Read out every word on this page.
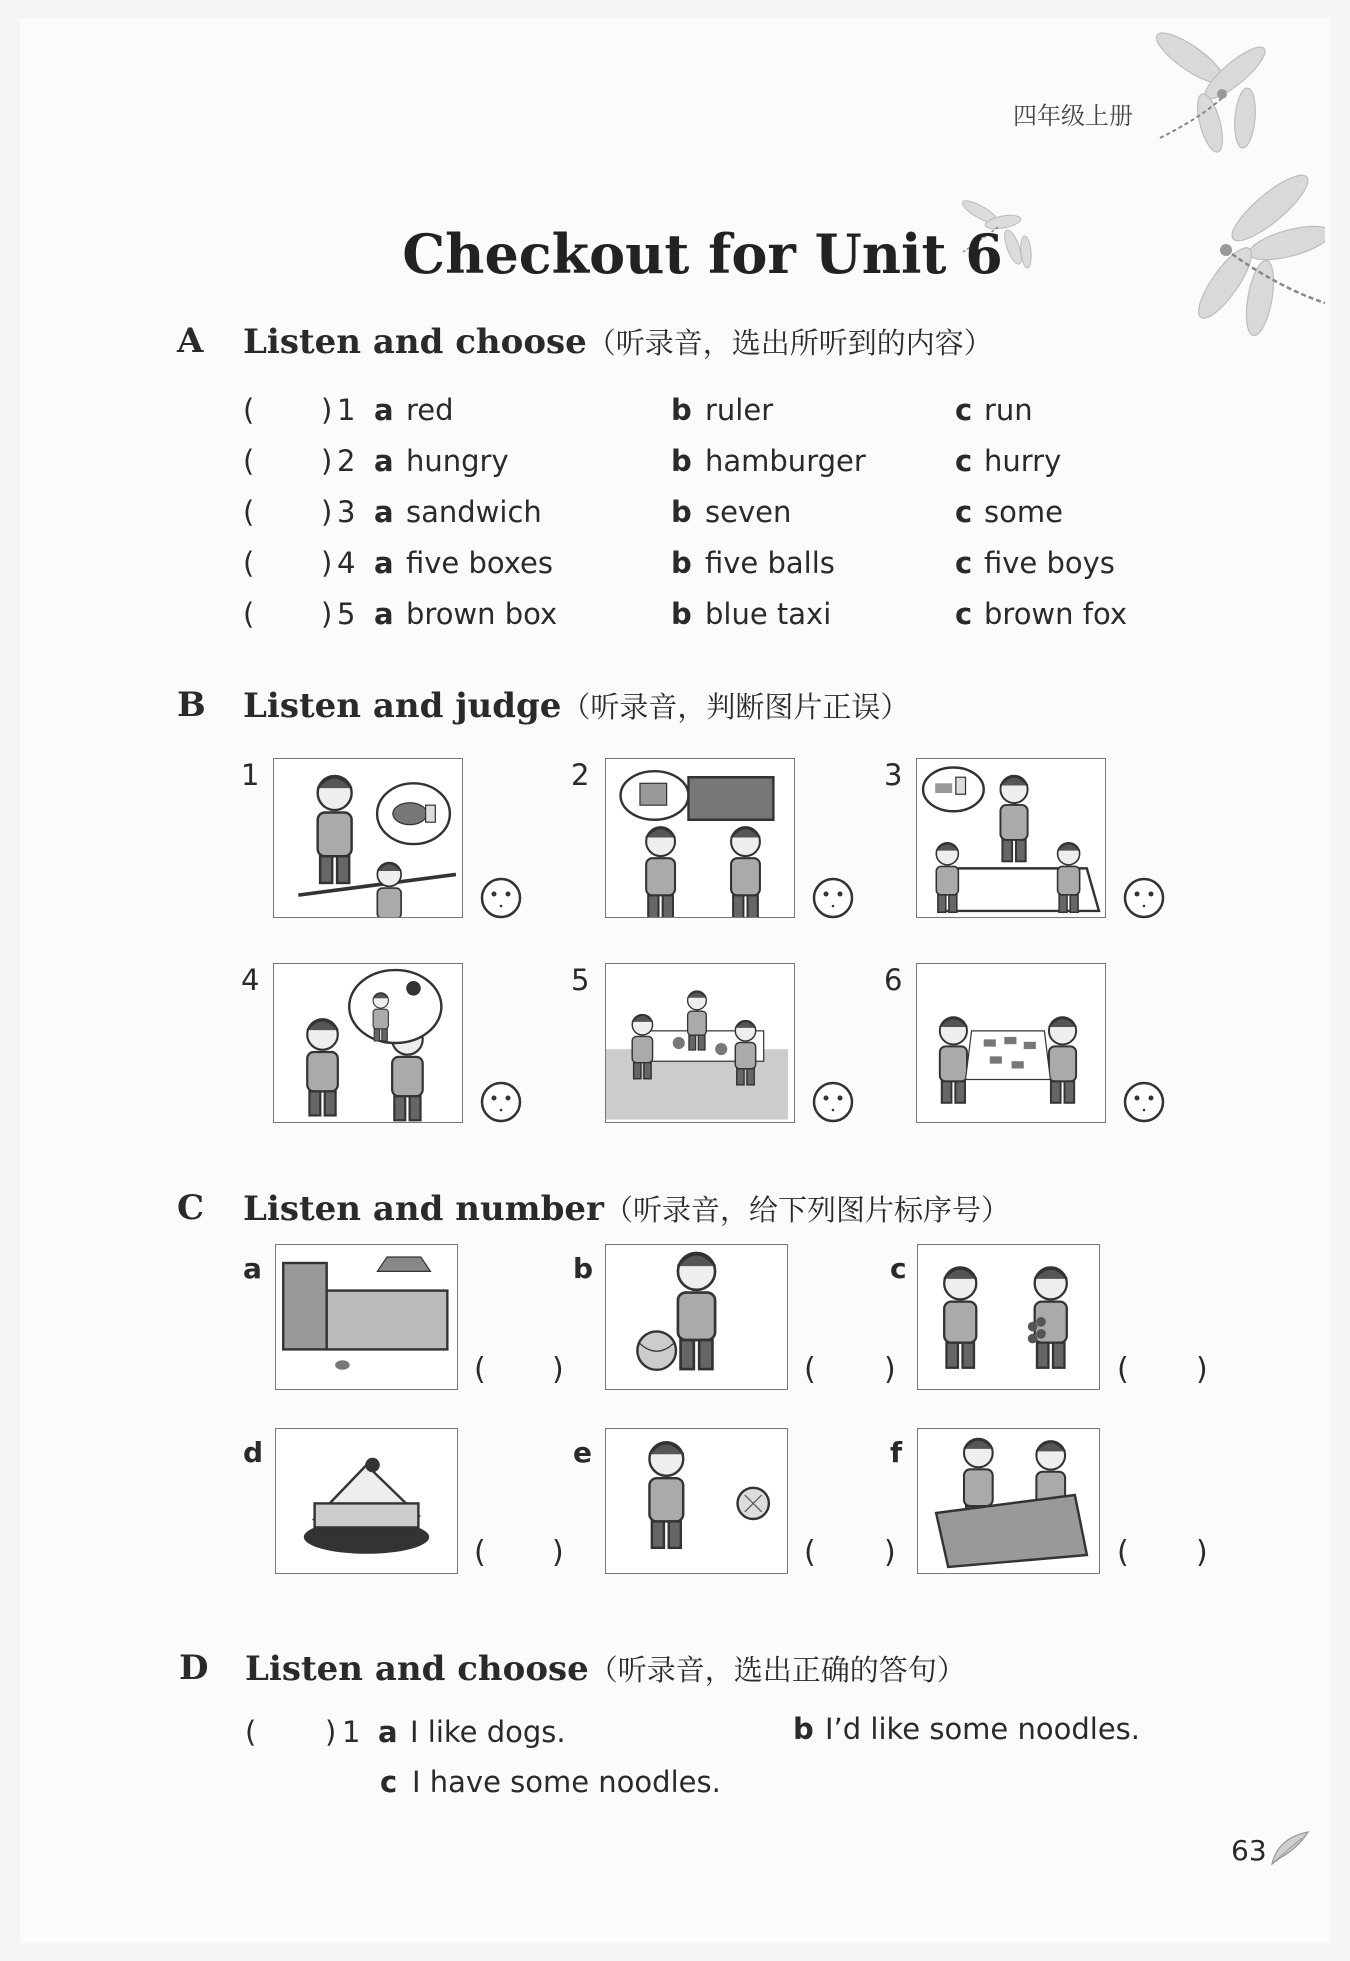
四年级上册
Checkout for Unit 6
A Listen and choose（听录音，选出所听到的内容）
( ) 1 a red	b ruler	c run
( ) 2 a hungry	b hamburger	c hurry
( ) 3 a sandwich	b seven	c some
( ) 4 a five boxes	b five balls	c five boys
( ) 5 a brown box	b blue taxi	c brown fox
B Listen and judge（听录音，判断图片正误）
1	2	3
4	5	6
C Listen and number（听录音，给下列图片标序号）
a
( )
b
( )
c
( )
d
( )
e
( )
f
( )
D Listen and choose（听录音，选出正确的答句）
( ) 1 a I like dogs.	b I’d like some noodles.
c I have some noodles.
63
